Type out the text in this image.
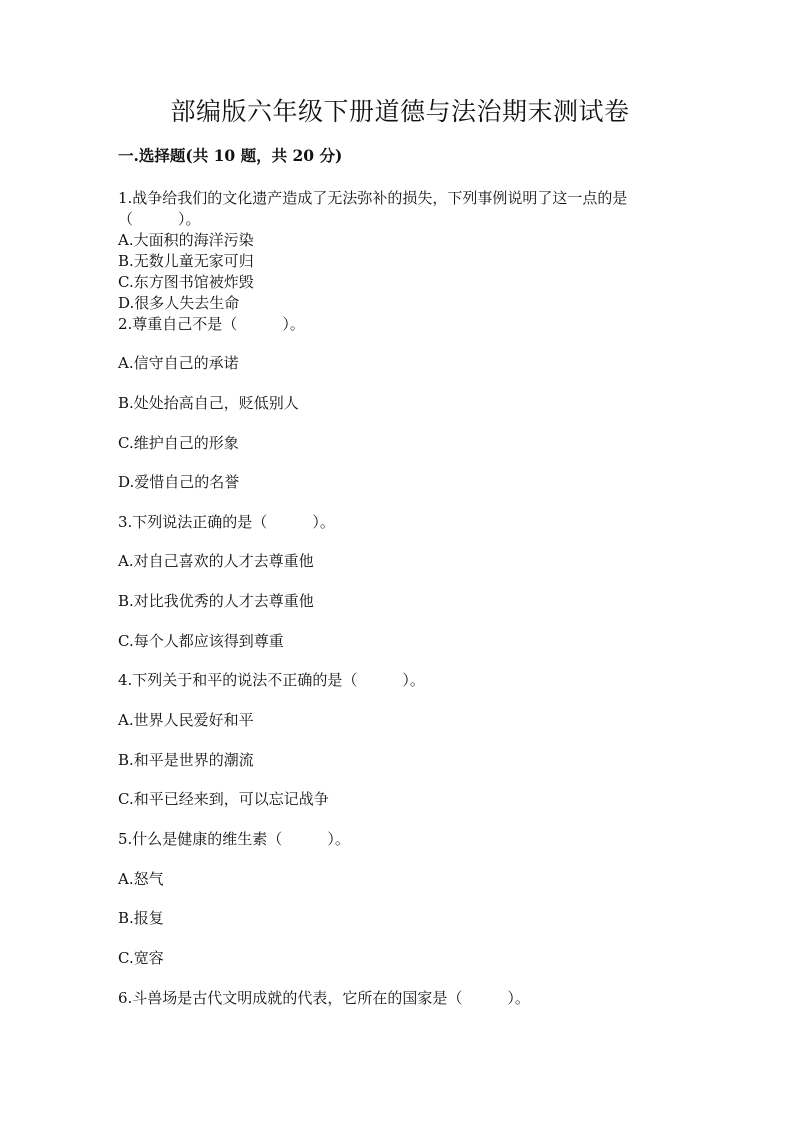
部编版六年级下册道德与法治期末测试卷
一.选择题(共 10 题，共 20 分)
1.战争给我们的文化遗产造成了无法弥补的损失，下列事例说明了这一点的是
（　　　）。
A.大面积的海洋污染
B.无数儿童无家可归
C.东方图书馆被炸毁
D.很多人失去生命
2.尊重自己不是（　　　）。
A.信守自己的承诺
B.处处抬高自己，贬低别人
C.维护自己的形象
D.爱惜自己的名誉
3.下列说法正确的是（　　　）。
A.对自己喜欢的人才去尊重他
B.对比我优秀的人才去尊重他
C.每个人都应该得到尊重
4.下列关于和平的说法不正确的是（　　　）。
A.世界人民爱好和平
B.和平是世界的潮流
C.和平已经来到，可以忘记战争
5.什么是健康的维生素（　　　）。
A.怒气
B.报复
C.宽容
6.斗兽场是古代文明成就的代表，它所在的国家是（　　　）。
